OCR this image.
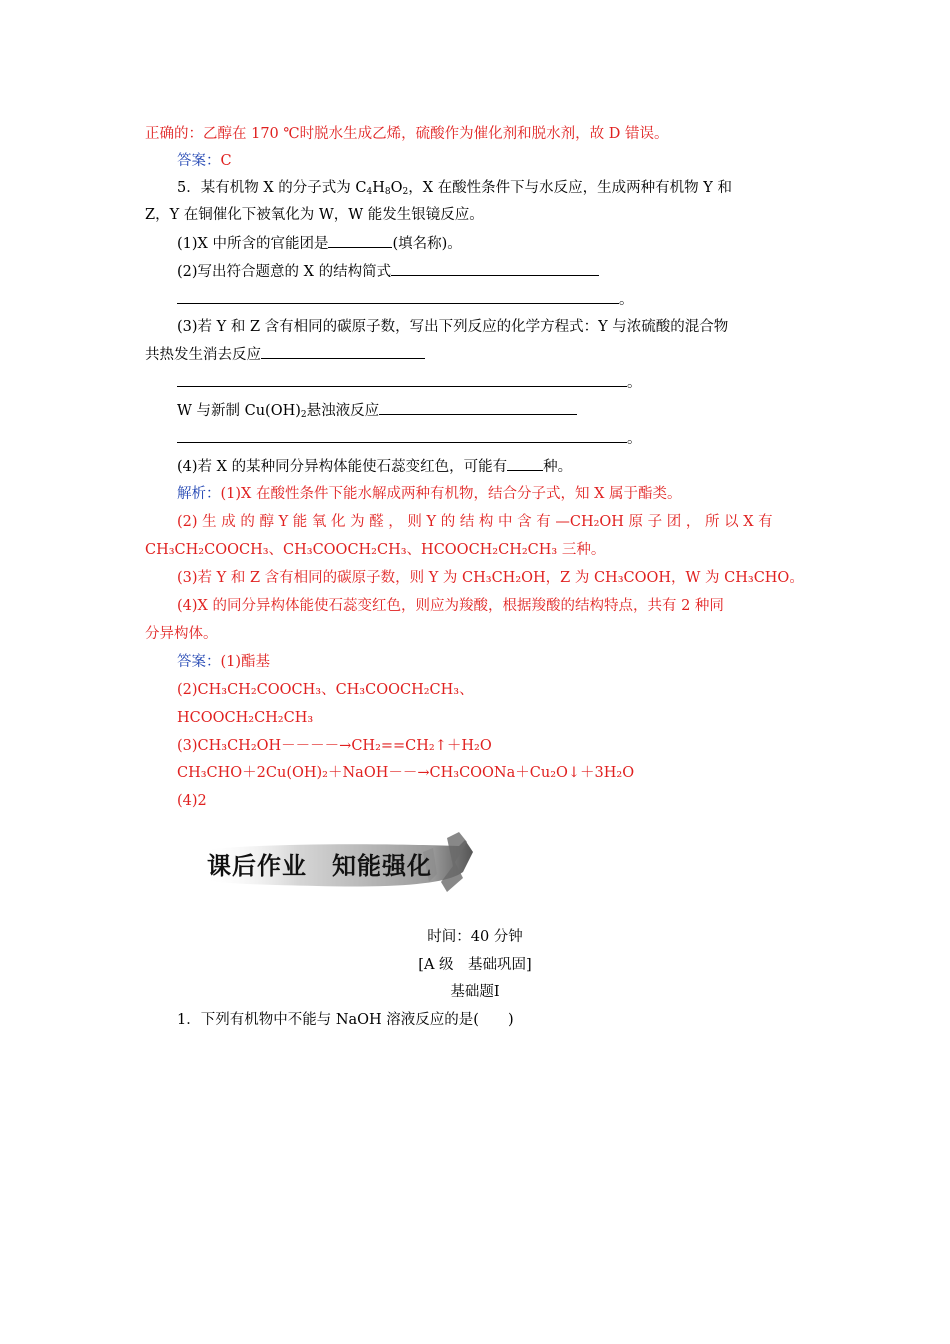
正确的：乙醇在 170 ℃时脱水生成乙烯，硫酸作为催化剂和脱水剂，故 D 错误。
答案：C
5．某有机物 X 的分子式为 $C_4H_8O_2$，X 在酸性条件下与水反应，生成两种有机物 Y 和
Z，Y 在铜催化下被氧化为 W，W 能发生银镜反应。
(1)X 中所含的官能团是	(填名称)。
(2)写出符合题意的 X 的结构简式
。
(3)若 Y 和 Z 含有相同的碳原子数，写出下列反应的化学方程式：Y 与浓硫酸的混合物
共热发生消去反应
。
W 与新制 $Cu(OH)_2$悬浊液反应
。
(4)若 X 的某种同分异构体能使石蕊变红色，可能有 种。
解析：(1)X 在酸性条件下能水解成两种有机物，结合分子式，知 X 属于酯类。
(2) 生 成 的 醇 Y 能 氧 化 为 醛 ， 则 Y 的 结 构 中 含 有 —CH₂OH 原 子 团 ， 所 以 X 有
CH₃CH₂COOCH₃、CH₃COOCH₂CH₃、HCOOCH₂CH₂CH₃ 三种。
(3)若 Y 和 Z 含有相同的碳原子数，则 Y 为 CH₃CH₂OH，Z 为 CH₃COOH，W 为 CH₃CHO。
(4)X 的同分异构体能使石蕊变红色，则应为羧酸，根据羧酸的结构特点，共有 2 种同
分异构体。
答案：(1)酯基
(2)CH₃CH₂COOCH₃、CH₃COOCH₂CH₃、
HCOOCH₂CH₂CH₃
(3)CH₃CH₂OH－－－－→CH₂==CH₂↑＋H₂O
CH₃CHO＋2Cu(OH)₂＋NaOH－－→CH₃COONa＋Cu₂O↓＋3H₂O
(4)2
课后作业　知能强化
时间：40 分钟
[A 级　基础巩固]
基础题Ⅰ
1．下列有机物中不能与 NaOH 溶液反应的是(　　)
